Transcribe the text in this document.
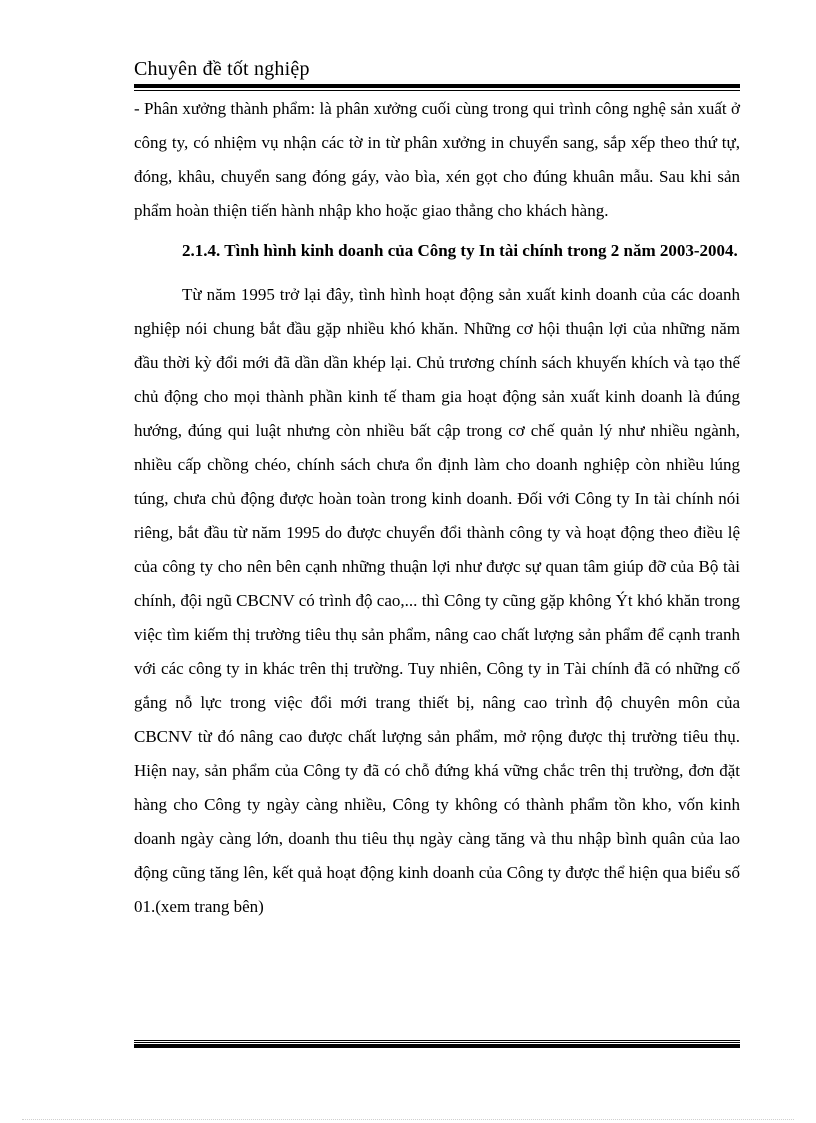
Chuyên đề tốt nghiệp

- Phân xưởng thành phẩm: là phân xưởng cuối cùng trong qui trình công nghệ sản xuất ở công ty, có nhiệm vụ nhận các tờ in từ phân xưởng in chuyển sang, sắp xếp theo thứ tự, đóng, khâu, chuyển sang đóng gáy, vào bìa, xén gọt cho đúng khuân mẫu. Sau khi sản phẩm hoàn thiện tiến hành nhập kho hoặc giao thẳng cho khách hàng.

2.1.4. Tình hình kinh doanh của Công ty In tài chính trong 2 năm 2003-2004.

Từ năm 1995 trở lại đây, tình hình hoạt động sản xuất kinh doanh của các doanh nghiệp nói chung bắt đầu gặp nhiều khó khăn. Những cơ hội thuận lợi của những năm đầu thời kỳ đổi mới đã dần dần khép lại. Chủ trương chính sách khuyến khích và tạo thế chủ động cho mọi thành phần kinh tế tham gia hoạt động sản xuất kinh doanh là đúng hướng, đúng qui luật nhưng còn nhiều bất cập trong cơ chế quản lý như nhiều ngành, nhiều cấp chồng chéo, chính sách chưa ổn định làm cho doanh nghiệp còn nhiều lúng túng, chưa chủ động được hoàn toàn trong kinh doanh. Đối với Công ty In tài chính nói riêng, bắt đầu từ năm 1995 do được chuyển đổi thành công ty và hoạt động theo điều lệ của công ty cho nên bên cạnh những thuận lợi như được sự quan tâm giúp đỡ của Bộ tài chính, đội ngũ CBCNV có trình độ cao,... thì Công ty cũng gặp không Ýt khó khăn trong việc tìm kiếm thị trường tiêu thụ sản phẩm, nâng cao chất lượng sản phẩm để cạnh tranh với các công ty in khác trên thị trường. Tuy nhiên, Công ty in Tài chính đã có những cố gắng nỗ lực trong việc đổi mới trang thiết bị, nâng cao trình độ chuyên môn của CBCNV từ đó nâng cao được chất lượng sản phẩm, mở rộng được thị trường tiêu thụ. Hiện nay, sản phẩm của Công ty đã có chỗ đứng khá vững chắc trên thị trường, đơn đặt hàng cho Công ty ngày càng nhiều, Công ty không có thành phẩm tồn kho, vốn kinh doanh ngày càng lớn, doanh thu tiêu thụ ngày càng tăng và thu nhập bình quân của lao động cũng tăng lên, kết quả hoạt động kinh doanh của Công ty được thể hiện qua biểu số 01.(xem trang bên)
